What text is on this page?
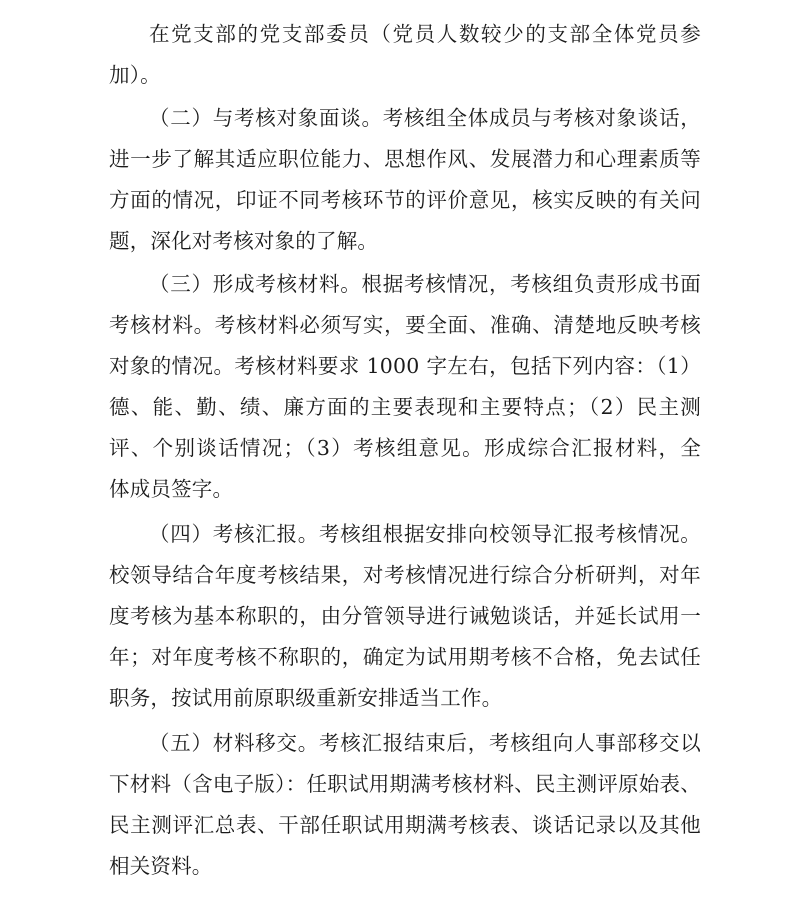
在党支部的党支部委员（党员人数较少的支部全体党员参
加）。
（二）与考核对象面谈。考核组全体成员与考核对象谈话，
进一步了解其适应职位能力、思想作风、发展潜力和心理素质等
方面的情况，印证不同考核环节的评价意见，核实反映的有关问
题，深化对考核对象的了解。
（三）形成考核材料。根据考核情况，考核组负责形成书面
考核材料。考核材料必须写实，要全面、准确、清楚地反映考核
对象的情况。考核材料要求 1000 字左右，包括下列内容：（1）
德、能、勤、绩、廉方面的主要表现和主要特点；（2）民主测
评、个别谈话情况；（3）考核组意见。形成综合汇报材料，全
体成员签字。
（四）考核汇报。考核组根据安排向校领导汇报考核情况。
校领导结合年度考核结果，对考核情况进行综合分析研判，对年
度考核为基本称职的，由分管领导进行诫勉谈话，并延长试用一
年；对年度考核不称职的，确定为试用期考核不合格，免去试任
职务，按试用前原职级重新安排适当工作。
（五）材料移交。考核汇报结束后，考核组向人事部移交以
下材料（含电子版）：任职试用期满考核材料、民主测评原始表、
民主测评汇总表、干部任职试用期满考核表、谈话记录以及其他
相关资料。
